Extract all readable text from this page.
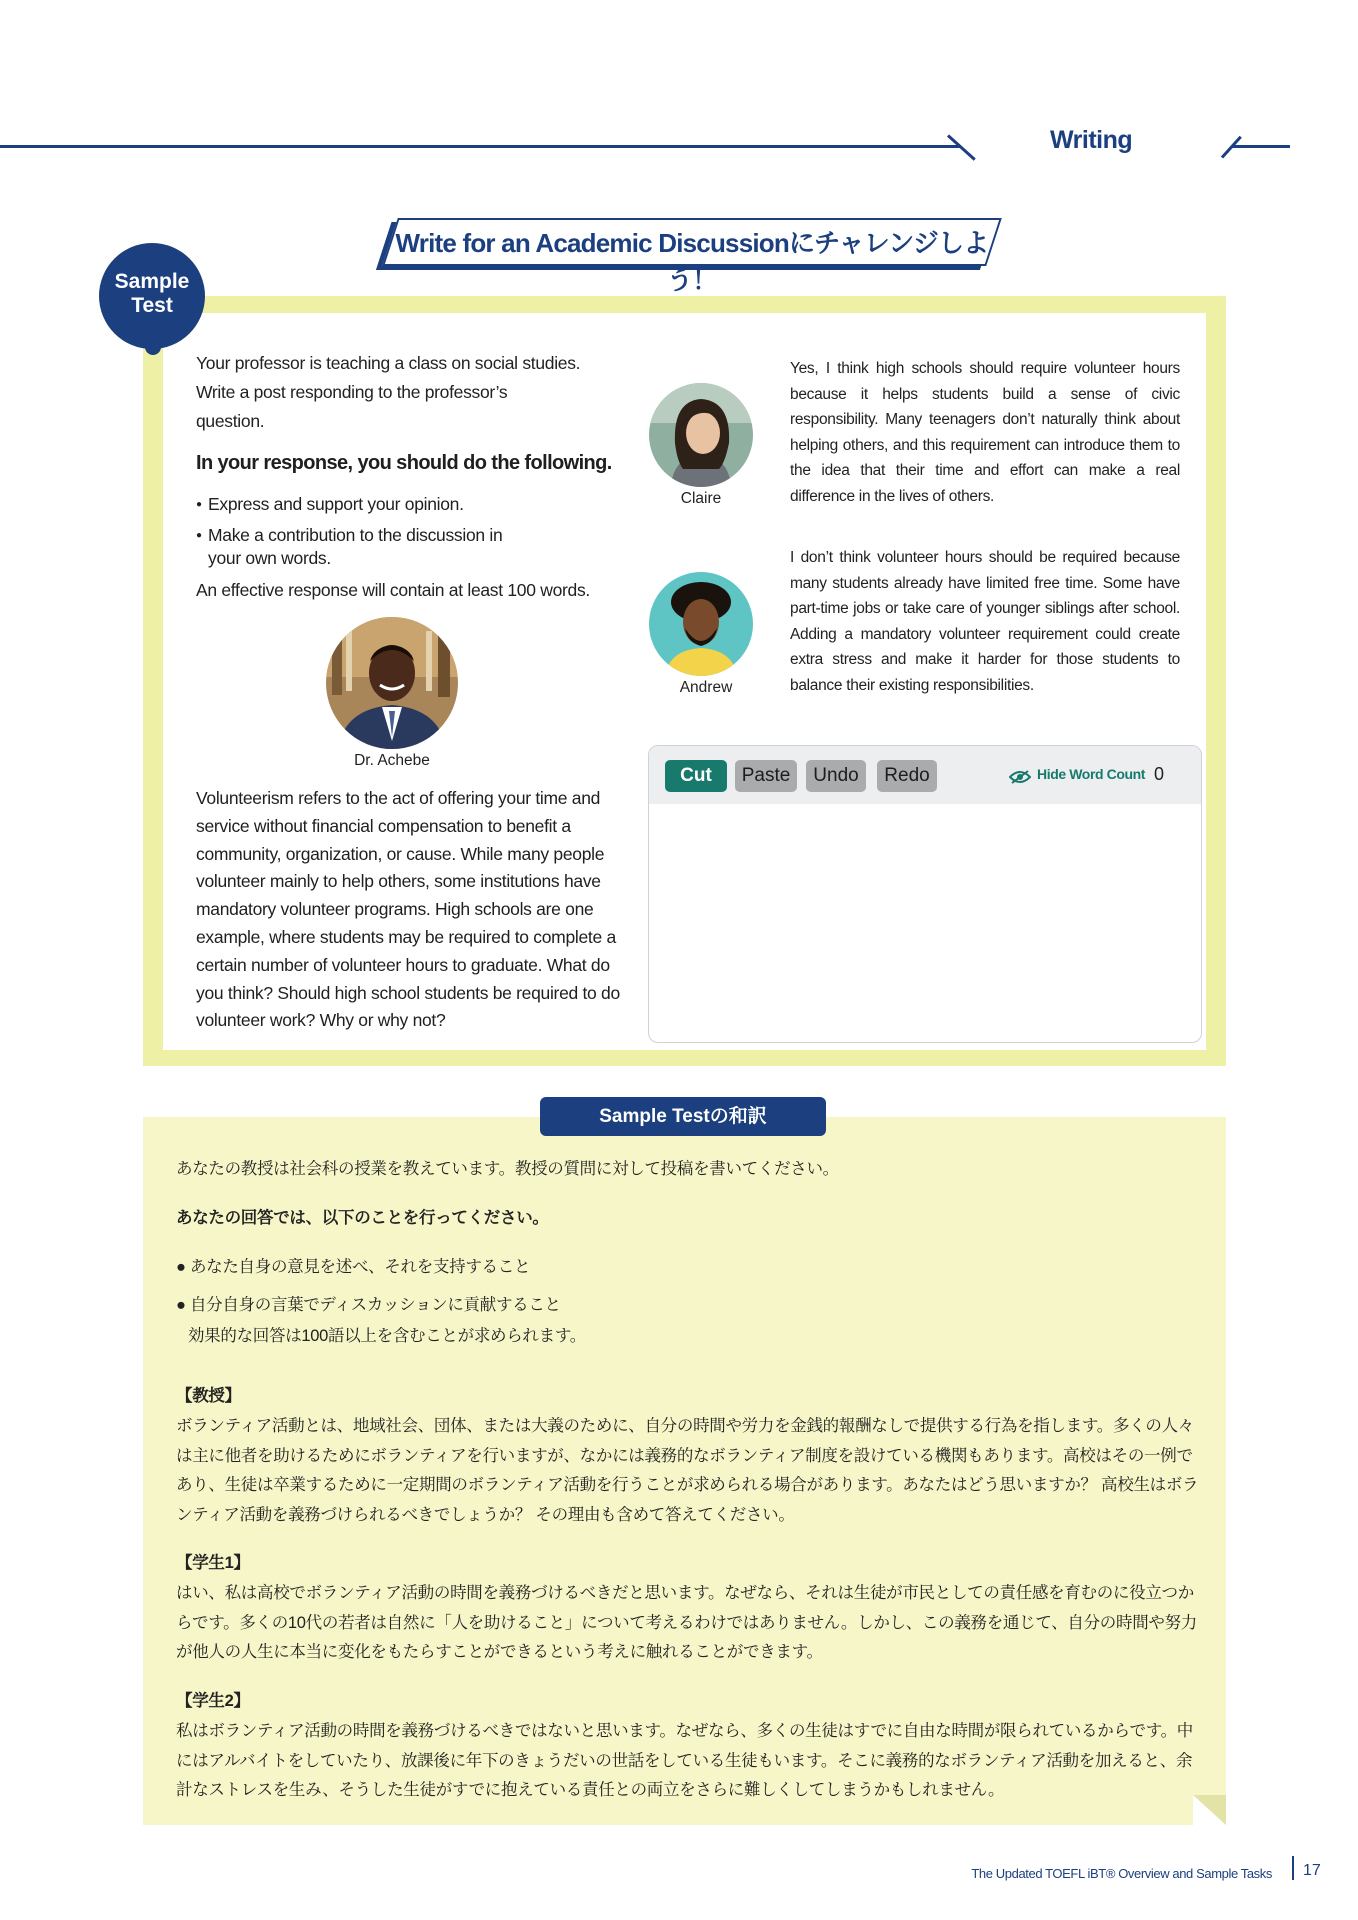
Writing
Write for an Academic Discussionにチャレンジしよう！
Sample
Test
Your professor is teaching a class on social studies.
Write a post responding to the professor’s
question.
In your response, you should do the following.
● Express and support your opinion.
● Make a contribution to the discussion in
your own words.
An effective response will contain at least 100 words.
Dr. Achebe
Volunteerism refers to the act of offering your time and service without financial compensation to benefit a community, organization, or cause. While many people volunteer mainly to help others, some institutions have mandatory volunteer programs. High schools are one example, where students may be required to complete a certain number of volunteer hours to graduate. What do you think? Should high school students be required to do volunteer work? Why or why not?
Claire
Yes, I think high schools should require volunteer hours because it helps students build a sense of civic responsibility. Many teenagers don’t naturally think about helping others, and this requirement can introduce them to the idea that their time and effort can make a real difference in the lives of others.
Andrew
I don’t think volunteer hours should be required because many students already have limited free time. Some have part-time jobs or take care of younger siblings after school. Adding a mandatory volunteer requirement could create extra stress and make it harder for those students to balance their existing responsibilities.
Cut	Paste	Undo	Redo	Hide Word Count 0
Sample Testの和訳
あなたの教授は社会科の授業を教えています。教授の質問に対して投稿を書いてください。
あなたの回答では、以下のことを行ってください。
● あなた自身の意見を述べ、それを支持すること
● 自分自身の言葉でディスカッションに貢献すること
効果的な回答は100語以上を含むことが求められます。
【教授】
ボランティア活動とは、地域社会、団体、または大義のために、自分の時間や労力を金銭的報酬なしで提供する行為を指します。多くの人々は主に他者を助けるためにボランティアを行いますが、なかには義務的なボランティア制度を設けている機関もあります。高校はその一例であり、生徒は卒業するために一定期間のボランティア活動を行うことが求められる場合があります。あなたはどう思いますか？ 高校生はボランティア活動を義務づけられるべきでしょうか？ その理由も含めて答えてください。
【学生1】
はい、私は高校でボランティア活動の時間を義務づけるべきだと思います。なぜなら、それは生徒が市民としての責任感を育むのに役立つからです。多くの10代の若者は自然に「人を助けること」について考えるわけではありません。しかし、この義務を通じて、自分の時間や努力が他人の人生に本当に変化をもたらすことができるという考えに触れることができます。
【学生2】
私はボランティア活動の時間を義務づけるべきではないと思います。なぜなら、多くの生徒はすでに自由な時間が限られているからです。中にはアルバイトをしていたり、放課後に年下のきょうだいの世話をしている生徒もいます。そこに義務的なボランティア活動を加えると、余計なストレスを生み、そうした生徒がすでに抱えている責任との両立をさらに難しくしてしまうかもしれません。
The Updated TOEFL iBT® Overview and Sample Tasks 17
